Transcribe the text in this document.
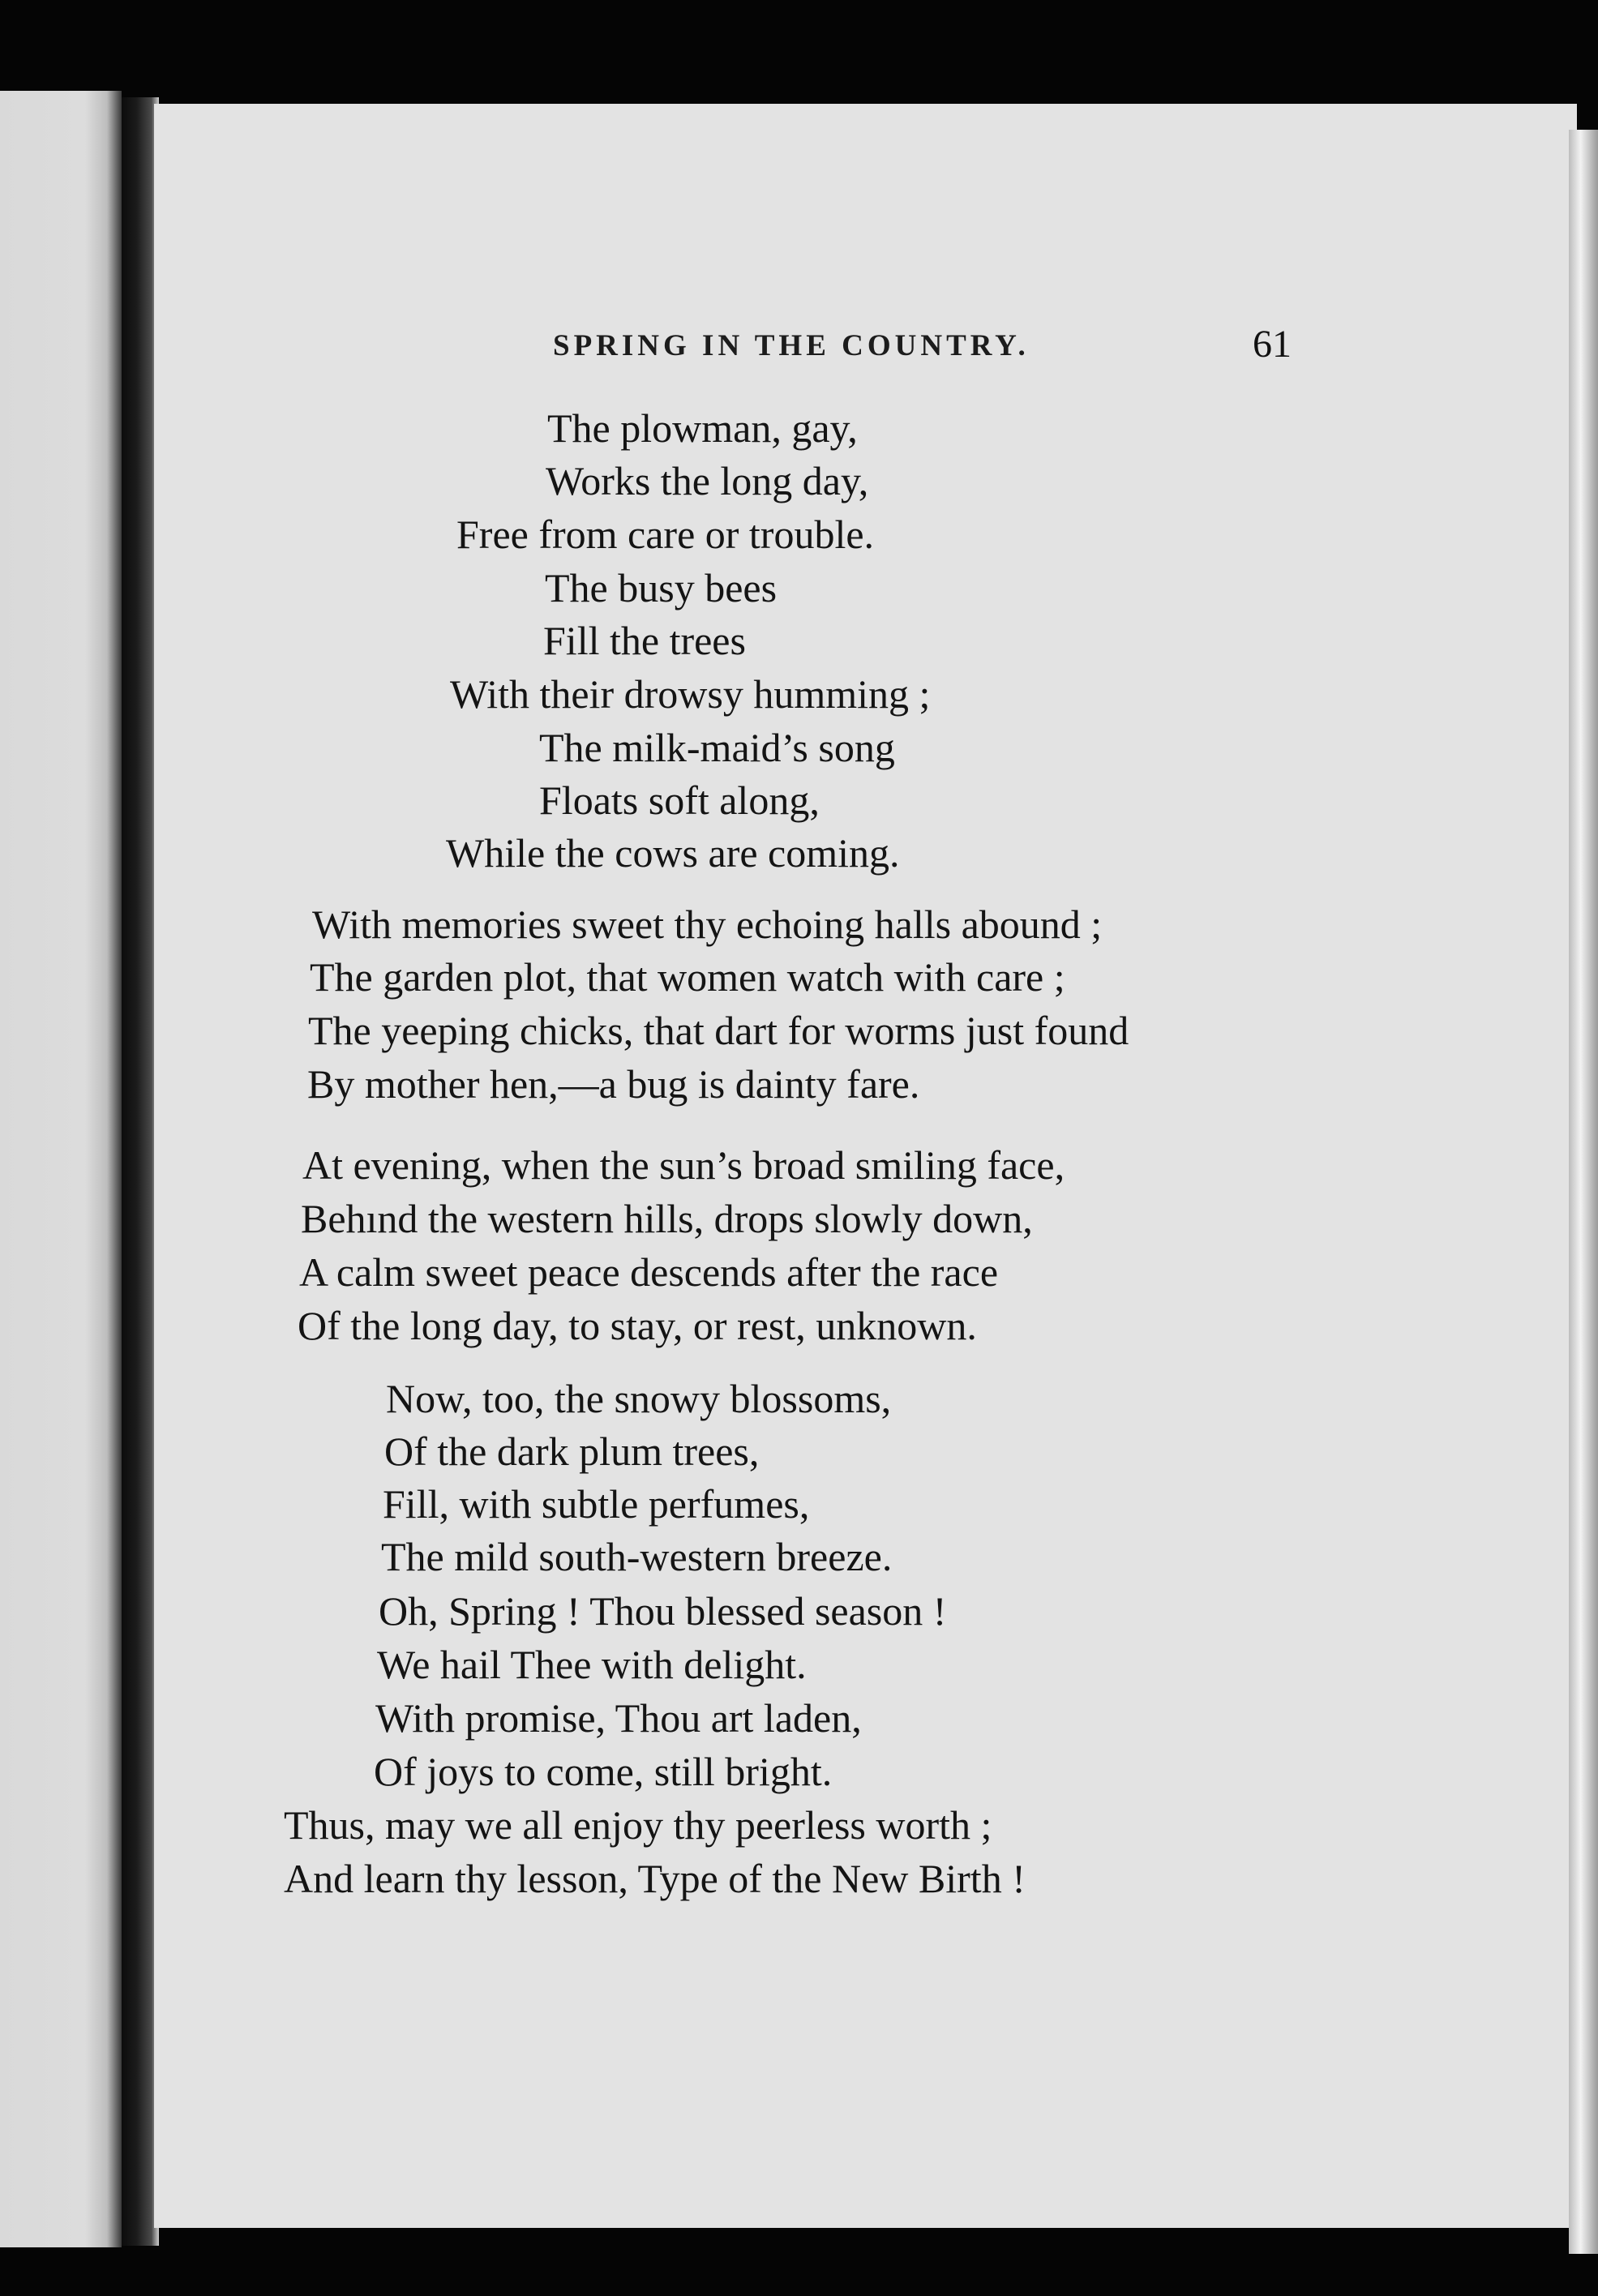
SPRING IN THE COUNTRY.	61
The plowman, gay,
Works the long day,
Free from care or trouble.
The busy bees
Fill the trees
With their drowsy humming ;
The milk-maid’s song
Floats soft along,
While the cows are coming.
With memories sweet thy echoing halls abound ;
The garden plot, that women watch with care ;
The yeeping chicks, that dart for worms just found
By mother hen,—a bug is dainty fare.
At evening, when the sun’s broad smiling face,
Behınd the western hills, drops slowly down,
A calm sweet peace descends after the race
Of the long day, to stay, or rest, unknown.
Now, too, the snowy blossoms,
Of the dark plum trees,
Fill, with subtle perfumes,
The mild south-western breeze.
Oh, Spring ! Thou blessed season !
We hail Thee with delight.
With promise, Thou art laden,
Of joys to come, still bright.
Thus, may we all enjoy thy peerless worth ;
And learn thy lesson, Type of the New Birth !
